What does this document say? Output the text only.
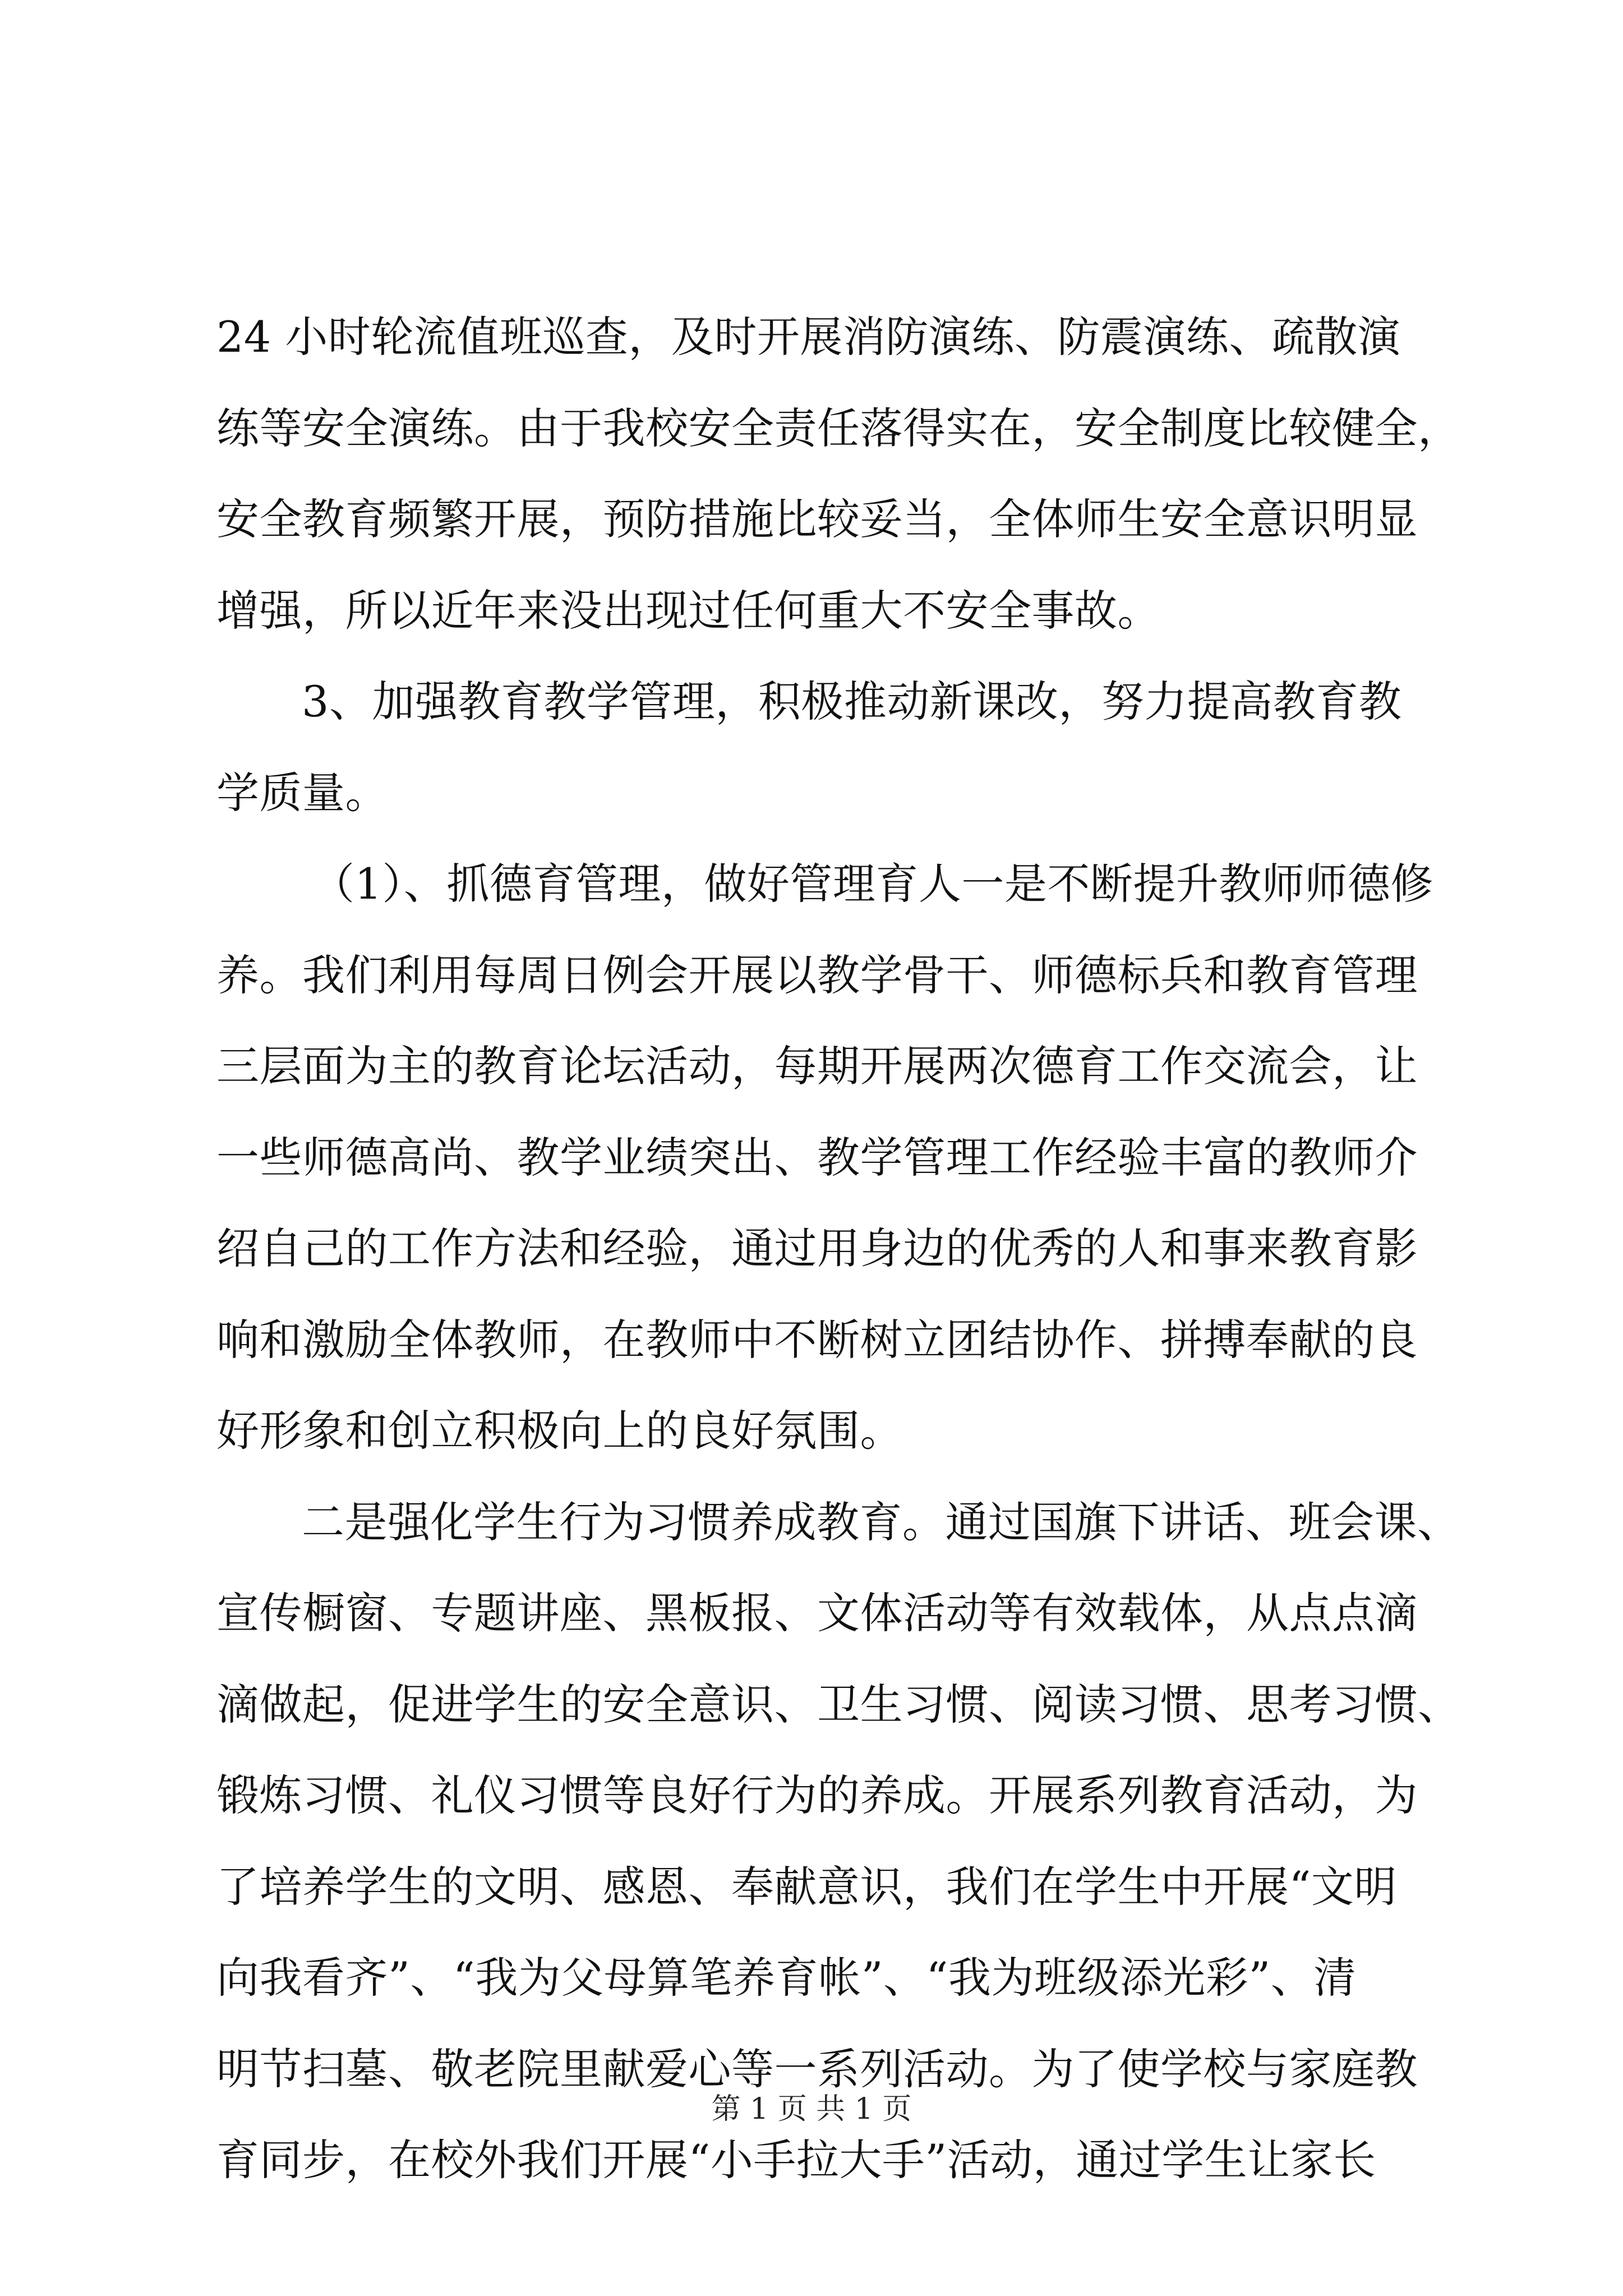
24 小时轮流值班巡查，及时开展消防演练、防震演练、疏散演
练等安全演练。由于我校安全责任落得实在，安全制度比较健全，
安全教育频繁开展，预防措施比较妥当，全体师生安全意识明显
增强，所以近年来没出现过任何重大不安全事故。
3、加强教育教学管理，积极推动新课改，努力提高教育教
学质量。
（1）、抓德育管理，做好管理育人一是不断提升教师师德修
养。我们利用每周日例会开展以教学骨干、师德标兵和教育管理
三层面为主的教育论坛活动，每期开展两次德育工作交流会，让
一些师德高尚、教学业绩突出、教学管理工作经验丰富的教师介
绍自己的工作方法和经验，通过用身边的优秀的人和事来教育影
响和激励全体教师，在教师中不断树立团结协作、拼搏奉献的良
好形象和创立积极向上的良好氛围。
二是强化学生行为习惯养成教育。通过国旗下讲话、班会课、
宣传橱窗、专题讲座、黑板报、文体活动等有效载体，从点点滴
滴做起，促进学生的安全意识、卫生习惯、阅读习惯、思考习惯、
锻炼习惯、礼仪习惯等良好行为的养成。开展系列教育活动，为
了培养学生的文明、感恩、奉献意识，我们在学生中开展“文明
向我看齐”、“我为父母算笔养育帐”、“我为班级添光彩”、清
明节扫墓、敬老院里献爱心等一系列活动。为了使学校与家庭教
育同步，在校外我们开展“小手拉大手”活动，通过学生让家长
第 1 页 共 1 页
